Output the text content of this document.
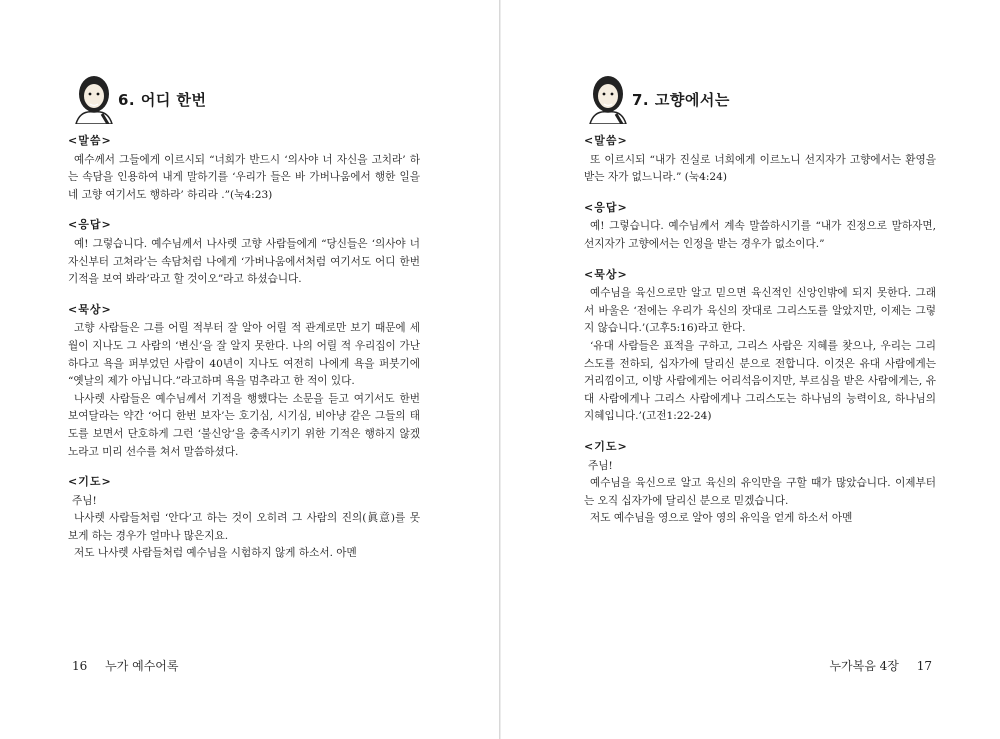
6. 어디 한번
<말씀>

예수께서 그들에게 이르시되 “너희가 반드시 ‘의사야 너 자신을 고치라’ 하는 속담을 인용하여 내게 말하기를 ‘우리가 들은 바 가버나움에서 행한 일을 네 고향 여기서도 행하라’ 하리라 .”(눅4:23)

<응답>

예! 그렇습니다. 예수님께서 나사렛 고향 사람들에게 “당신들은 ‘의사야 너 자신부터 고쳐라’는 속담처럼 나에게 ‘가버나움에서처럼 여기서도 어디 한번 기적을 보여 봐라’라고 할 것이오”라고 하셨습니다.

<묵상>

고향 사람들은 그를 어릴 적부터 잘 알아 어릴 적 관계로만 보기 때문에 세월이 지나도 그 사람의 ‘변신’을 잘 알지 못한다. 나의 어릴 적 우리집이 가난하다고 욕을 퍼부었던 사람이 40년이 지나도 여전히 나에게 욕을 퍼붓기에 “옛날의 제가 아닙니다.”라고하며 욕을 멈추라고 한 적이 있다.

나사렛 사람들은 예수님께서 기적을 행했다는 소문을 듣고 여기서도 한번 보여달라는 약간 ‘어디 한번 보자’는 호기심, 시기심, 비아냥 같은 그들의 태도를 보면서 단호하게 그런 ‘불신앙’을 충족시키기 위한 기적은 행하지 않겠노라고 미리 선수를 쳐서 말씀하셨다.

<기도>

주님!

나사렛 사람들처럼 ‘안다’고 하는 것이 오히려 그 사람의 진의(眞意)를 못 보게 하는 경우가 얼마나 많은지요.

저도 나사렛 사람들처럼 예수님을 시험하지 않게 하소서. 아멘

16 누가 예수어록
7. 고향에서는
<말씀>

또 이르시되 “내가 진실로 너희에게 이르노니 선지자가 고향에서는 환영을 받는 자가 없느니라.” (눅4:24)

<응답>

예! 그렇습니다. 예수님께서 계속 말씀하시기를 “내가 진정으로 말하자면, 선지자가 고향에서는 인정을 받는 경우가 없소이다.”

<묵상>

예수님을 육신으로만 알고 믿으면 육신적인 신앙인밖에 되지 못한다. 그래서 바울은 ‘전에는 우리가 육신의 잣대로 그리스도를 알았지만, 이제는 그렇지 않습니다.’(고후5:16)라고 한다.

‘유대 사람들은 표적을 구하고, 그리스 사람은 지혜를 찾으나, 우리는 그리스도를 전하되, 십자가에 달리신 분으로 전합니다. 이것은 유대 사람에게는 거리낌이고, 이방 사람에게는 어리석음이지만, 부르심을 받은 사람에게는, 유대 사람에게나 그리스 사람에게나 그리스도는 하나님의 능력이요, 하나님의 지혜입니다.’(고전1:22-24)

<기도>

주님!

예수님을 육신으로 알고 육신의 유익만을 구할 때가 많았습니다. 이제부터는 오직 십자가에 달리신 분으로 믿겠습니다.

저도 예수님을 영으로 알아 영의 유익을 얻게 하소서 아멘

누가복음 4장 17
